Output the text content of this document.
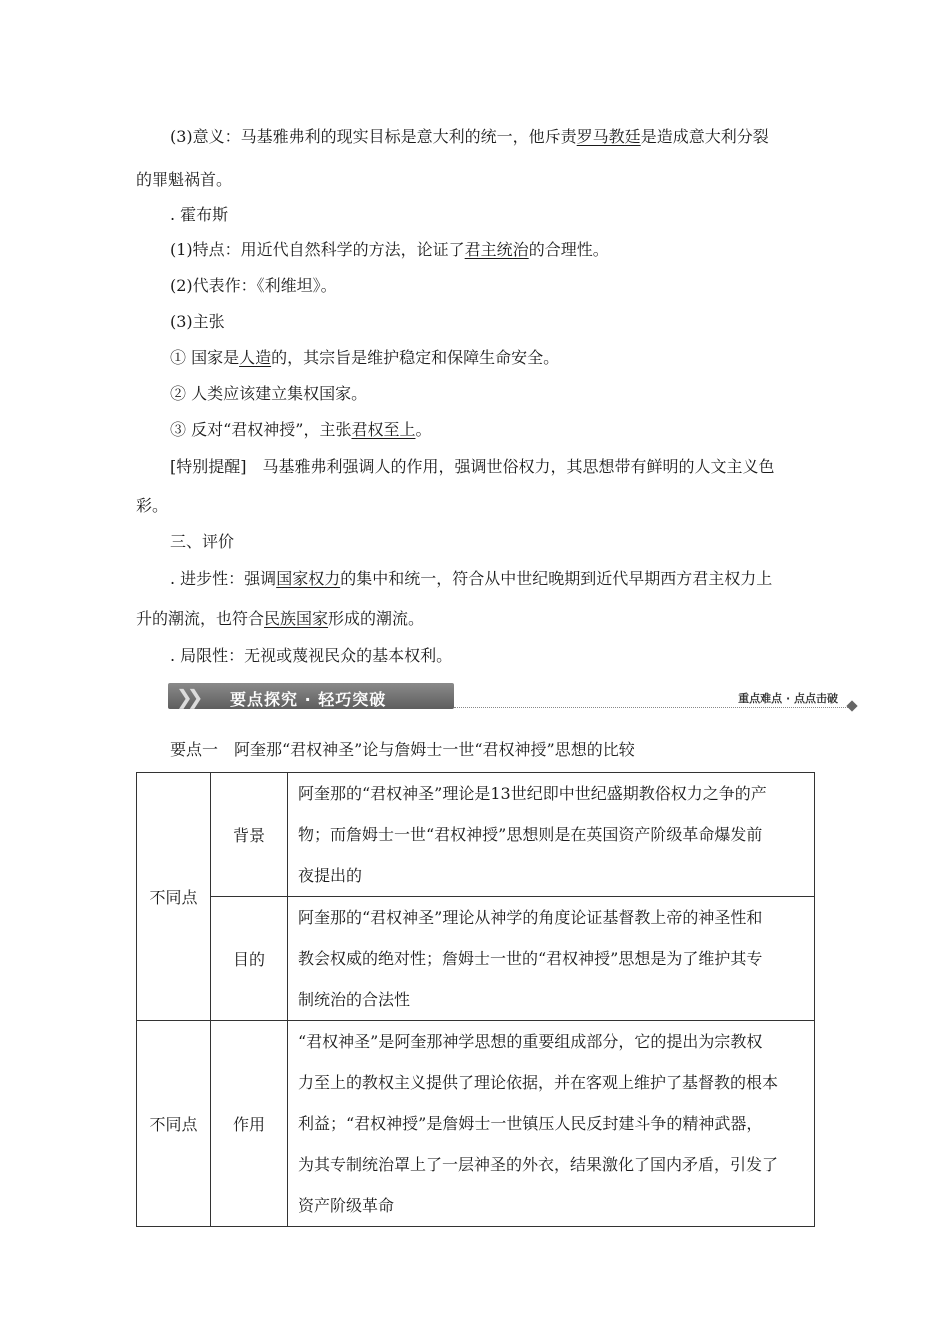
(3)意义：马基雅弗利的现实目标是意大利的统一，他斥责罗马教廷是造成意大利分裂
的罪魁祸首。
. 霍布斯
(1)特点：用近代自然科学的方法，论证了君主统治的合理性。
(2)代表作：《利维坦》。
(3)主张
① 国家是人造的，其宗旨是维护稳定和保障生命安全。
② 人类应该建立集权国家。
③ 反对“君权神授”，主张君权至上。
[特别提醒]　马基雅弗利强调人的作用，强调世俗权力，其思想带有鲜明的人文主义色
彩。
三、评价
. 进步性：强调国家权力的集中和统一，符合从中世纪晚期到近代早期西方君主权力上
升的潮流，也符合民族国家形成的潮流。
. 局限性：无视或蔑视民众的基本权利。
❯❯ 要点探究 · 轻巧突破	重点难点 · 点点击破
要点一　阿奎那“君权神圣”论与詹姆士一世“君权神授”思想的比较
不同点	背景	阿奎那的“君权神圣”理论是13世纪即中世纪盛期教俗权力之争的产
物；而詹姆士一世“君权神授”思想则是在英国资产阶级革命爆发前
夜提出的

	目的	阿奎那的“君权神圣”理论从神学的角度论证基督教上帝的神圣性和
教会权威的绝对性；詹姆士一世的“君权神授”思想是为了维护其专
制统治的合法性

不同点	作用	“君权神圣”是阿奎那神学思想的重要组成部分，它的提出为宗教权
力至上的教权主义提供了理论依据，并在客观上维护了基督教的根本
利益；“君权神授”是詹姆士一世镇压人民反封建斗争的精神武器，
为其专制统治罩上了一层神圣的外衣，结果激化了国内矛盾，引发了
资产阶级革命
